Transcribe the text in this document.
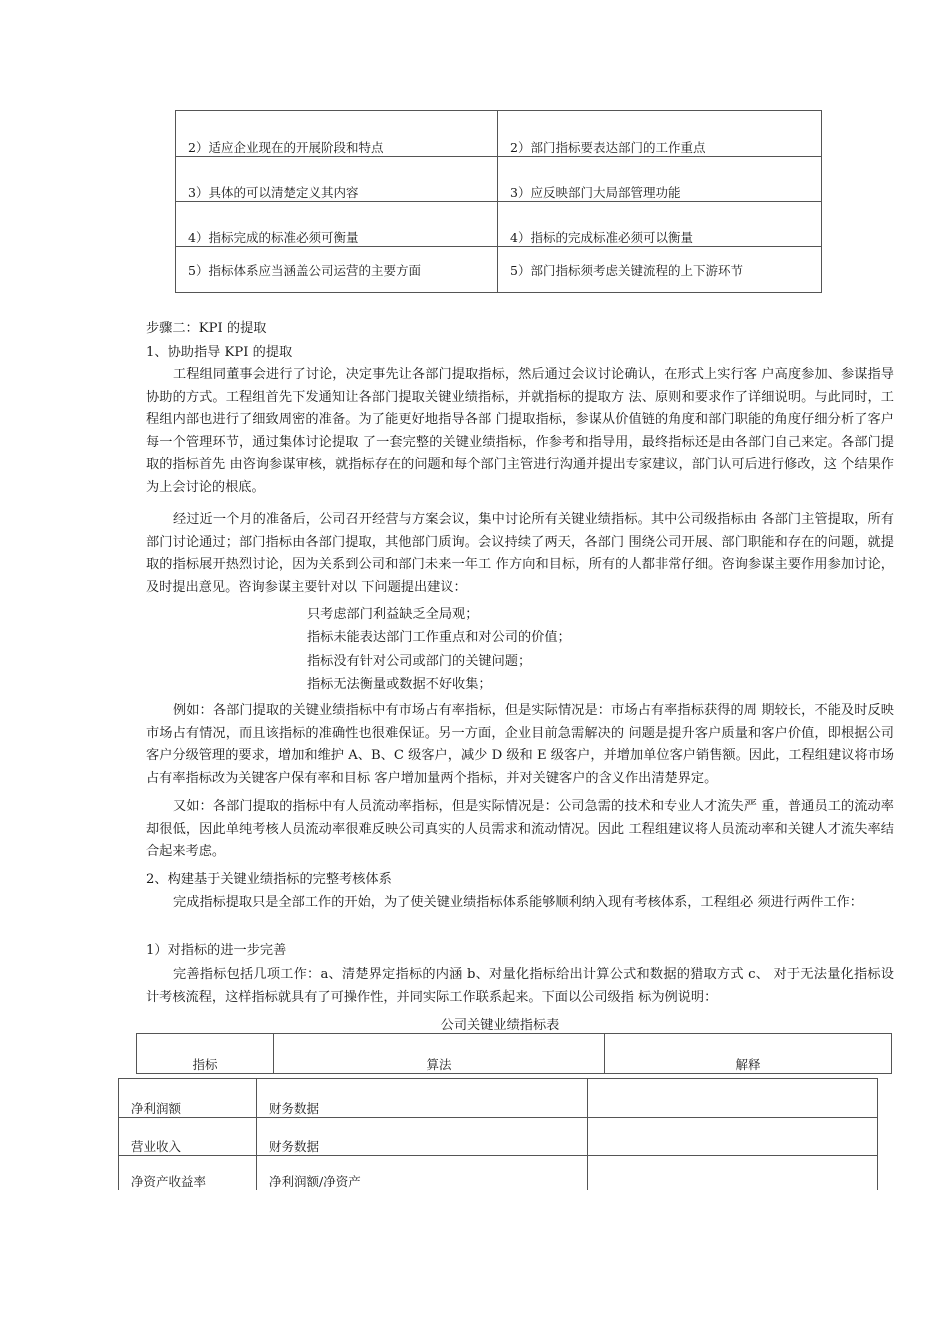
2）适应企业现在的开展阶段和特点	2）部门指标要表达部门的工作重点
3）具体的可以清楚定义其内容	3）应反映部门大局部管理功能
4）指标完成的标准必须可衡量	4）指标的完成标准必须可以衡量
5）指标体系应当涵盖公司运营的主要方面	5）部门指标须考虑关键流程的上下游环节
步骤二：KPI 的提取
1、协助指导 KPI 的提取

工程组同董事会进行了讨论，决定事先让各部门提取指标，然后通过会议讨论确认，在形式上实行客 户高度参加、参谋指导协助的方式。工程组首先下发通知让各部门提取关键业绩指标，并就指标的提取方 法、原则和要求作了详细说明。与此同时，工程组内部也进行了细致周密的准备。为了能更好地指导各部 门提取指标，参谋从价值链的角度和部门职能的角度仔细分析了客户每一个管理环节，通过集体讨论提取 了一套完整的关键业绩指标，作参考和指导用，最终指标还是由各部门自己来定。各部门提取的指标首先 由咨询参谋审核，就指标存在的问题和每个部门主管进行沟通并提出专家建议，部门认可后进行修改，这 个结果作为上会讨论的根底。

经过近一个月的准备后，公司召开经营与方案会议，集中讨论所有关键业绩指标。其中公司级指标由 各部门主管提取，所有部门讨论通过；部门指标由各部门提取，其他部门质询。会议持续了两天，各部门 围绕公司开展、部门职能和存在的问题，就提取的指标展开热烈讨论，因为关系到公司和部门未来一年工 作方向和目标，所有的人都非常仔细。咨询参谋主要作用参加讨论，及时提出意见。咨询参谋主要针对以 下问题提出建议：

只考虑部门利益缺乏全局观；
指标未能表达部门工作重点和对公司的价值；
指标没有针对公司或部门的关键问题；
指标无法衡量或数据不好收集；

例如：各部门提取的关键业绩指标中有市场占有率指标，但是实际情况是：市场占有率指标获得的周 期较长，不能及时反映市场占有情况，而且该指标的准确性也很难保证。另一方面，企业目前急需解决的 问题是提升客户质量和客户价值，即根据公司客户分级管理的要求，增加和维护 A、B、C 级客户，减少 D 级和 E 级客户，并增加单位客户销售额。因此，工程组建议将市场占有率指标改为关键客户保有率和目标 客户增加量两个指标，并对关键客户的含义作出清楚界定。

又如：各部门提取的指标中有人员流动率指标，但是实际情况是：公司急需的技术和专业人才流失严 重，普通员工的流动率却很低，因此单纯考核人员流动率很难反映公司真实的人员需求和流动情况。因此 工程组建议将人员流动率和关键人才流失率结合起来考虑。

2、构建基于关键业绩指标的完整考核体系

完成指标提取只是全部工作的开始，为了使关键业绩指标体系能够顺利纳入现有考核体系，工程组必 须进行两件工作：

1）对指标的进一步完善

完善指标包括几项工作：a、清楚界定指标的内涵 b、对量化指标给出计算公式和数据的猎取方式 c、 对于无法量化指标设计考核流程，这样指标就具有了可操作性，并同实际工作联系起来。下面以公司级指 标为例说明：

公司关键业绩指标表
指标	算法	解释
净利润额	财务数据	
营业收入	财务数据	
净资产收益率	净利润额/净资产	
